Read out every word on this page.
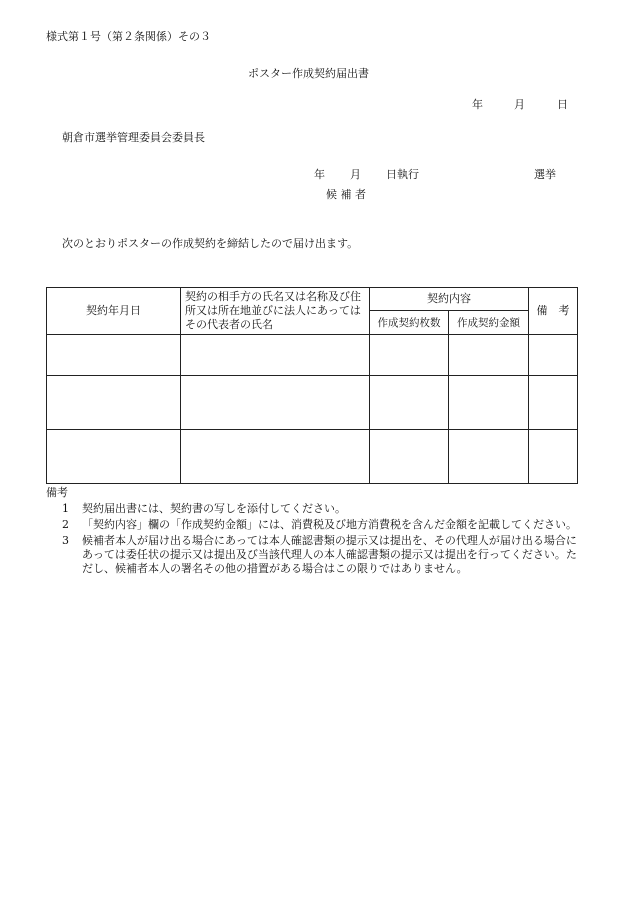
様式第１号（第２条関係）その３
ポスター作成契約届出書
年	月	日
朝倉市選挙管理委員会委員長
年 月 日執行	選挙
候 補 者
次のとおりポスターの作成契約を締結したので届け出ます。
契約年月日	契約の相手方の氏名又は名称及び住所又は所在地並びに法人にあってはその代表者の氏名	契約内容		備　考
		作成契約枚数	作成契約金額	

備考
1 契約届出書には、契約書の写しを添付してください。
2	「契約内容」欄の「作成契約金額」には、消費税及び地方消費税を含んだ金額を記載してください。
3	候補者本人が届け出る場合にあっては本人確認書類の提示又は提出を、その代理人が届け出る場合にあっては委任状の提示又は提出及び当該代理人の本人確認書類の提示又は提出を行ってください。ただし、候補者本人の署名その他の措置がある場合はこの限りではありません。
